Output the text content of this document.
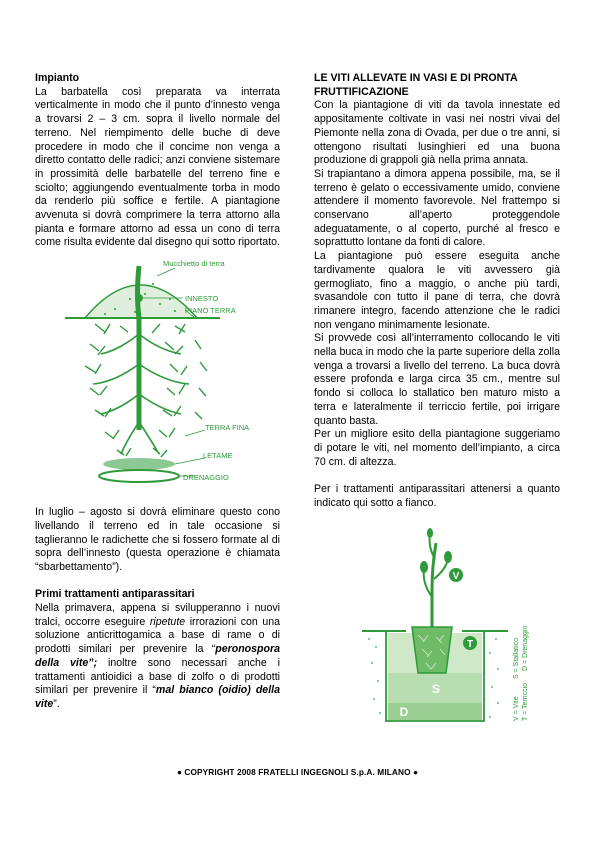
Impianto

La barbatella così preparata va interrata verticalmente in modo che il punto d’innesto venga a trovarsi 2 – 3 cm. sopra il livello normale del terreno. Nel riempimento delle buche di deve procedere in modo che il concime non venga a diretto contatto delle radici; anzi conviene sistemare in prossimità delle barbatelle del terreno fine e sciolto; aggiungendo eventualmente torba in modo da renderlo più soffice e fertile. A piantagione avvenuta si dovrà comprimere la terra attorno alla pianta e formare attorno ad essa un cono di terra come risulta evidente dal disegno qui sotto riportato.

Mucchietto di terra
INNESTO
PIANO TERRA
TERRA FINA
LETAME
DRENAGGIO

In luglio – agosto si dovrà eliminare questo cono livellando il terreno ed in tale occasione si taglieranno le radichette che si fossero formate al di sopra dell’innesto (questa operazione è chiamata “sbarbettamento”).

Primi trattamenti antiparassitari

Nella primavera, appena si svilupperanno i nuovi tralci, occorre eseguire ripetute irrorazioni con una soluzione anticrittogamica a base di rame o di prodotti similari per prevenire la “peronospora della vite”; inoltre sono necessari anche i trattamenti antioidici a base di zolfo o di prodotti similari per prevenire il “mal bianco (oidio) della vite”.

LE VITI ALLEVATE IN VASI E DI PRONTA FRUTTIFICAZIONE

Con la piantagione di viti da tavola innestate ed appositamente coltivate in vasi nei nostri vivai del Piemonte nella zona di Ovada, per due o tre anni, si ottengono risultati lusinghieri ed una buona produzione di grappoli già nella prima annata.

Si trapiantano a dimora appena possibile, ma, se il terreno è gelato o eccessivamente umido, conviene attendere il momento favorevole. Nel frattempo si conservano all’aperto proteggendole adeguatamente, o al coperto, purché al fresco e soprattutto lontane da fonti di calore.

La piantagione può essere eseguita anche tardivamente qualora le viti avvessero già germogliato, fino a maggio, o anche più tardi, svasandole con tutto il pane di terra, che dovrà rimanere integro, facendo attenzione che le radici non vengano minimamente lesionate.

Si provvede così all’interramento collocando le viti nella buca in modo che la parte superiore della zolla venga a trovarsi a livello del terreno. La buca dovrà essere profonda e larga circa 35 cm., mentre sul fondo si colloca lo stallatico ben maturo misto a terra e lateralmente il terriccio fertile, poi irrigare quanto basta.

Per un migliore esito della piantagione suggeriamo di potare le viti, nel momento dell’impianto, a circa 70 cm. di altezza.

Per i trattamenti antiparassitari attenersi a quanto indicato qui sotto a fianco.

V
T
S
D	V = Vite
S = Stallatico
T = Terriccio
D = Drenaggio
● COPYRIGHT 2008 FRATELLI INGEGNOLI S.p.A. MILANO ●
